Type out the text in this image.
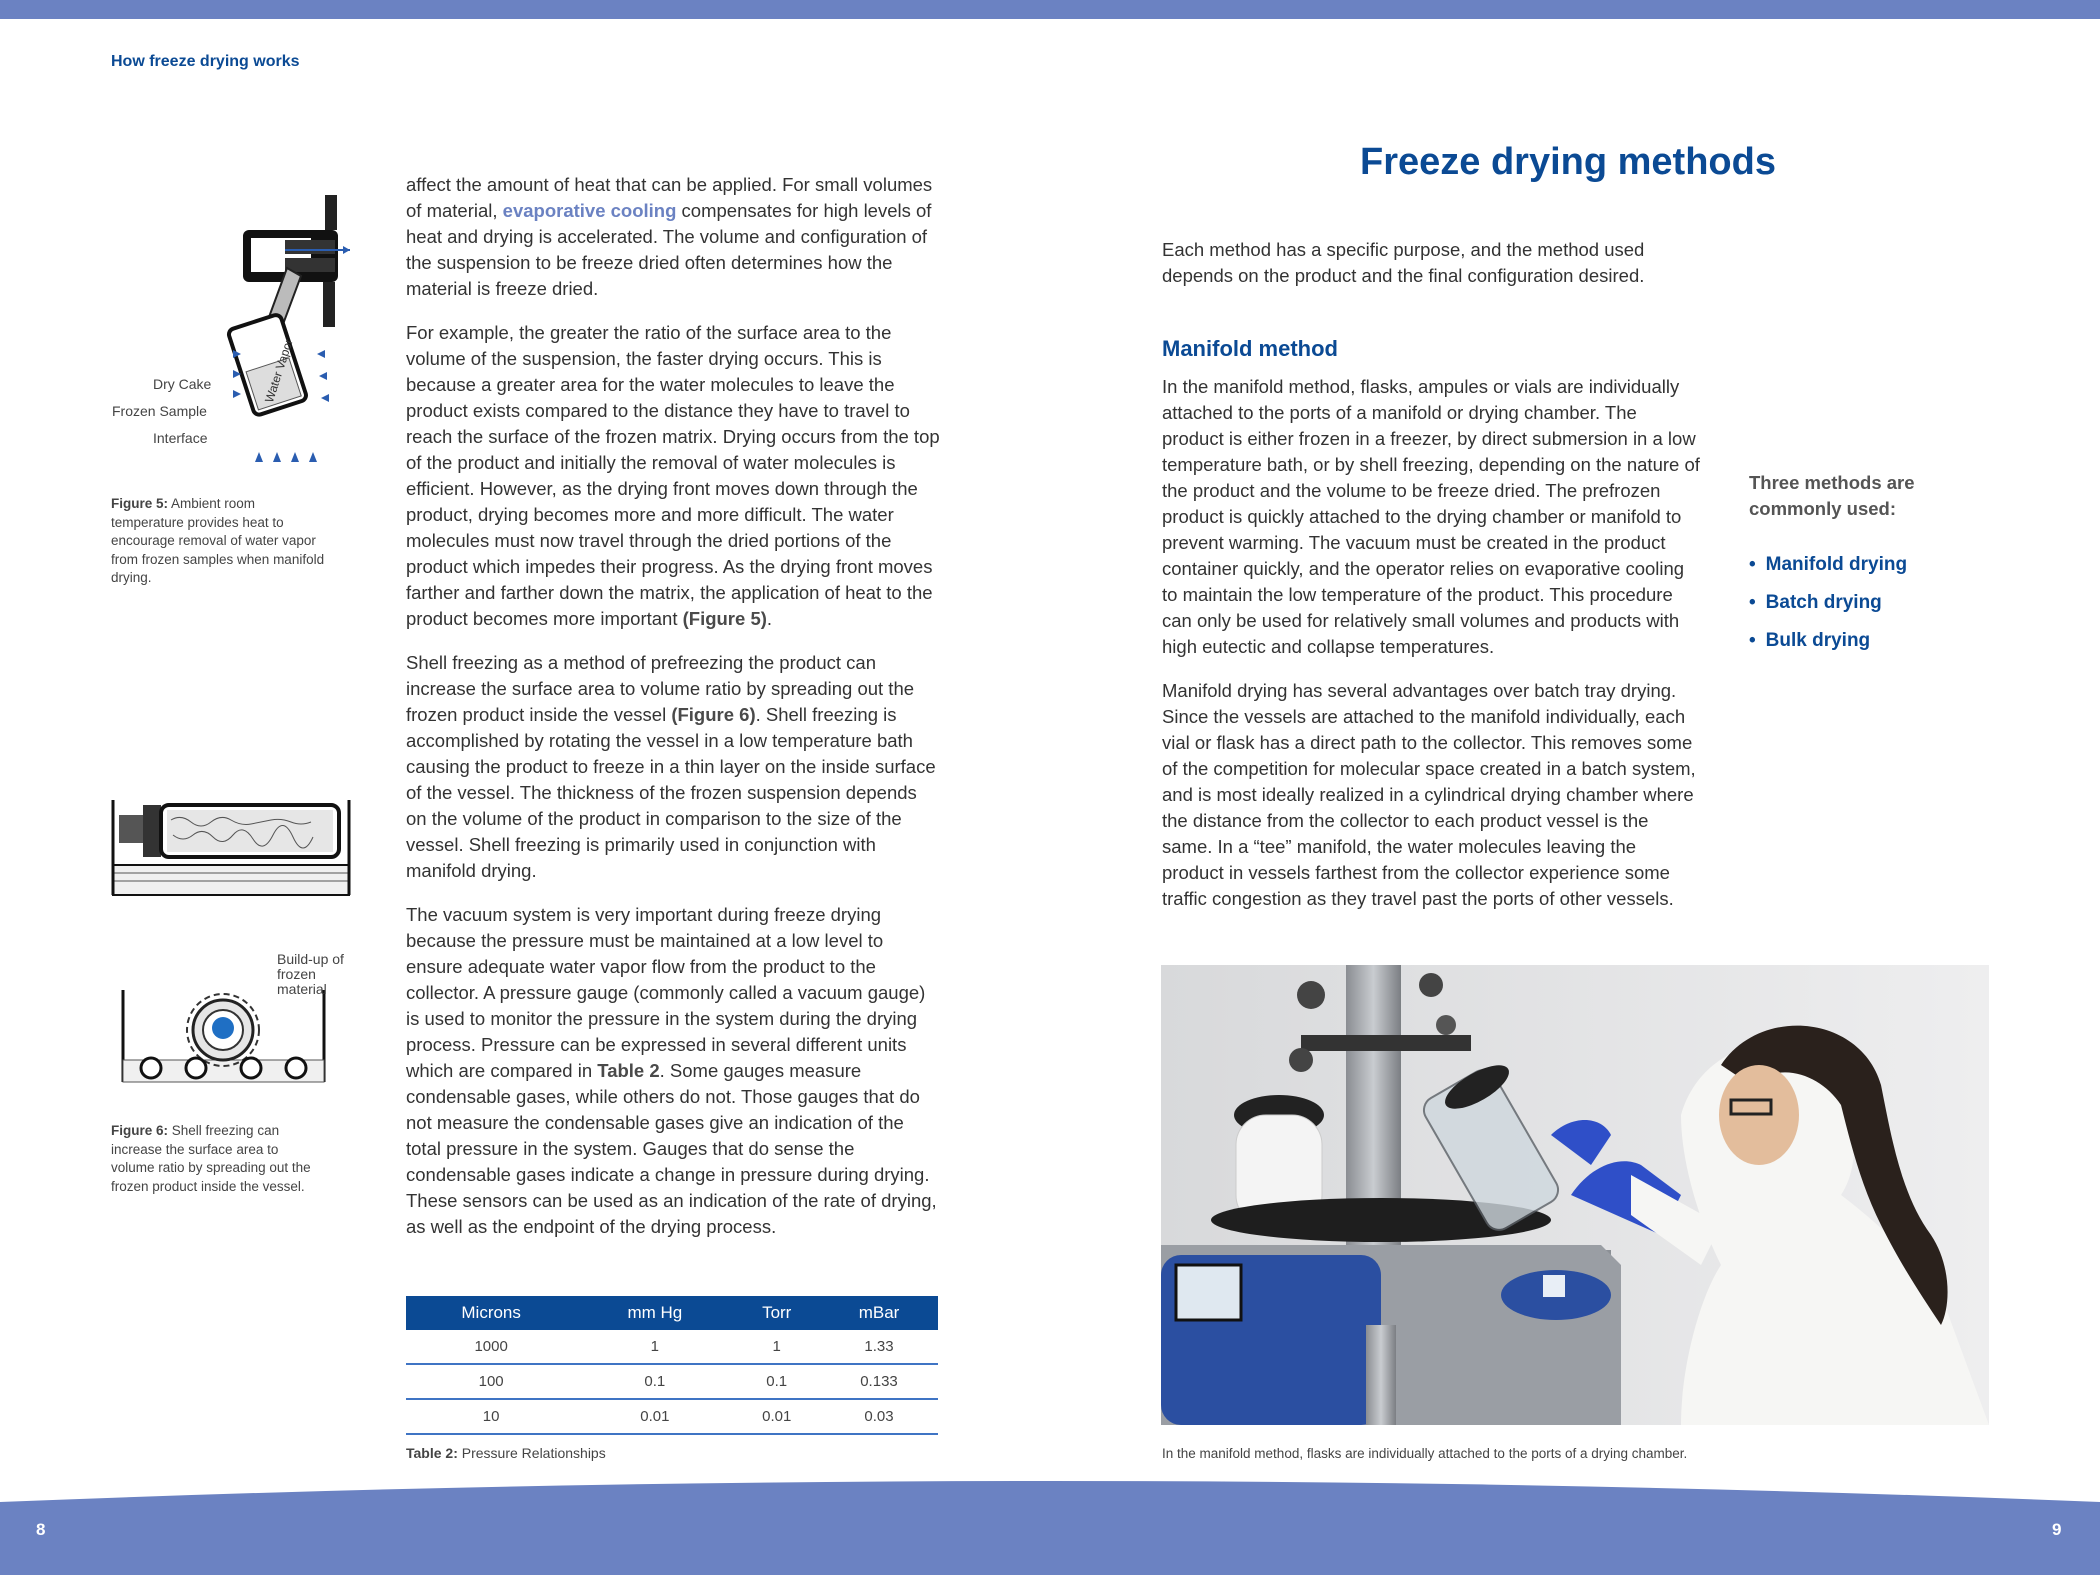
How freeze drying works
Dry Cake
Frozen Sample
Interface
Water Vapor
Figure 5: Ambient room temperature provides heat to encourage removal of water vapor from frozen samples when manifold drying.
Build-up of frozen material
Figure 6: Shell freezing can increase the surface area to volume ratio by spreading out the frozen product inside the vessel.

affect the amount of heat that can be applied. For small volumes of material, evaporative cooling compensates for high levels of heat and drying is accelerated. The volume and configuration of the suspension to be freeze dried often determines how the material is freeze dried.

For example, the greater the ratio of the surface area to the volume of the suspension, the faster drying occurs. This is because a greater area for the water molecules to leave the product exists compared to the distance they have to travel to reach the surface of the frozen matrix. Drying occurs from the top of the product and initially the removal of water molecules is efficient. However, as the drying front moves down through the product, drying becomes more and more difficult. The water molecules must now travel through the dried portions of the product which impedes their progress. As the drying front moves farther and farther down the matrix, the application of heat to the product becomes more important (Figure 5).

Shell freezing as a method of prefreezing the product can increase the surface area to volume ratio by spreading out the frozen product inside the vessel (Figure 6). Shell freezing is accomplished by rotating the vessel in a low temperature bath causing the product to freeze in a thin layer on the inside surface of the vessel. The thickness of the frozen suspension depends on the volume of the product in comparison to the size of the vessel. Shell freezing is primarily used in conjunction with manifold drying.

The vacuum system is very important during freeze drying because the pressure must be maintained at a low level to ensure adequate water vapor flow from the product to the collector. A pressure gauge (commonly called a vacuum gauge) is used to monitor the pressure in the system during the drying process. Pressure can be expressed in several different units which are compared in Table 2. Some gauges measure condensable gases, while others do not. Those gauges that do not measure the condensable gases give an indication of the total pressure in the system. Gauges that do sense the condensable gases indicate a change in pressure during drying. These sensors can be used as an indication of the rate of drying, as well as the endpoint of the drying process.

Microns	mm Hg	Torr	mBar
1000	1	1	1.33
100	0.1	0.1	0.133
10	0.01	0.01	0.03
Table 2: Pressure Relationships
Freeze drying methods
Each method has a specific purpose, and the method used depends on the product and the final configuration desired.
Manifold method

In the manifold method, flasks, ampules or vials are individually attached to the ports of a manifold or drying chamber. The product is either frozen in a freezer, by direct submersion in a low temperature bath, or by shell freezing, depending on the nature of the product and the volume to be freeze dried. The prefrozen product is quickly attached to the drying chamber or manifold to prevent warming. The vacuum must be created in the product container quickly, and the operator relies on evaporative cooling to maintain the low temperature of the product. This procedure can only be used for relatively small volumes and products with high eutectic and collapse temperatures.

Manifold drying has several advantages over batch tray drying. Since the vessels are attached to the manifold individually, each vial or flask has a direct path to the collector. This removes some of the competition for molecular space created in a batch system, and is most ideally realized in a cylindrical drying chamber where the distance from the collector to each product vessel is the same. In a “tee” manifold, the water molecules leaving the product in vessels farthest from the collector experience some traffic congestion as they travel past the ports of other vessels.

Three methods are commonly used:
• Manifold drying
• Batch drying
• Bulk drying
In the manifold method, flasks are individually attached to the ports of a drying chamber.
8	9
